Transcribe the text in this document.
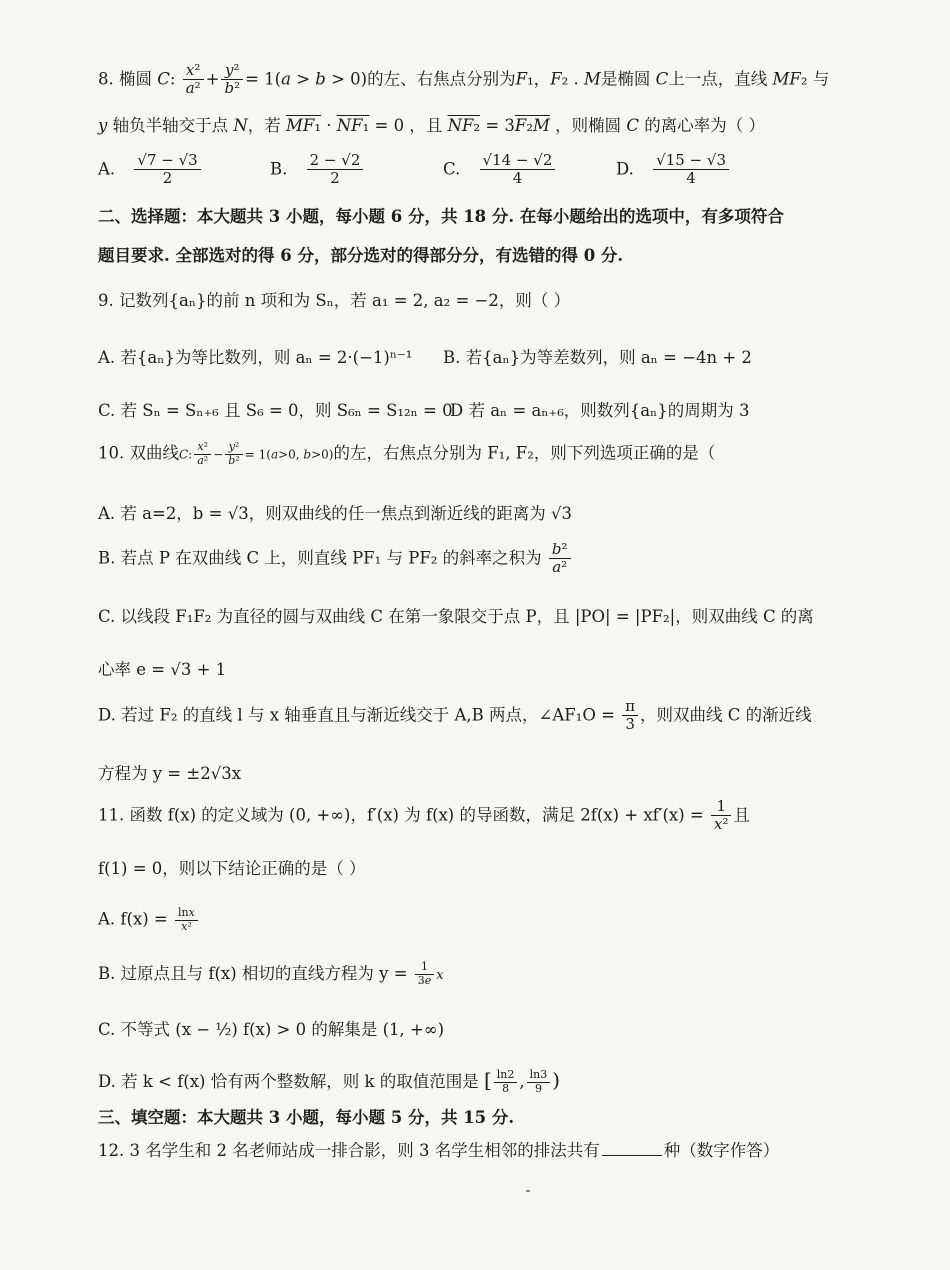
8. 椭圆 C: $\frac{\text{x²}}{\text{a²}} + \frac{\text{y²}}{\text{b²}} = 1(a > b > 0)$的左、右焦点分别为F₁，F₂ . M是椭圆 C上一点，直线 MF₂ 与
y 轴负半轴交于点 N，若 MF₁ · NF₁ = 0 ，且 NF₂ = 3F₂M ，则椭圆 C 的离心率为（ ）
A. $\frac{√7 - √3}{2}$	B. $\frac{2 - √2}{2}$	C. $\frac{√14 - √2}{4}$	D. $\frac{√15 - √3}{4}$
二、选择题：本大题共 3 小题，每小题 6 分，共 18 分. 在每小题给出的选项中，有多项符合
题目要求. 全部选对的得 6 分，部分选对的得部分分，有选错的得 0 分.
9. 记数列{aₙ}的前 n 项和为 Sₙ，若 a₁ = 2, a₂ = −2，则（ ）
A. 若{aₙ}为等比数列，则 aₙ = 2·(−1)ⁿ⁻¹ B. 若{aₙ}为等差数列，则 aₙ = −4n + 2
C. 若 Sₙ = Sₙ₊₆ 且 S₆ = 0，则 S₆ₙ = S₁₂ₙ = 0
D 若 aₙ = aₙ₊₆，则数列{aₙ}的周期为 3
10. 双曲线C: $\frac{\text{x²}}{\text{a²}} - \frac{\text{y²}}{\text{b²}} = 1(a>0$, b>0)的左，右焦点分别为 F₁, F₂，则下列选项正确的是（
A. 若 a=2，b = √3，则双曲线的任一焦点到渐近线的距离为 √3
B. 若点 P 在双曲线 C 上，则直线 PF₁ 与 PF₂ 的斜率之积为 $\frac{\text{b²}}{\text{a²}}$
C. 以线段 F₁F₂ 为直径的圆与双曲线 C 在第一象限交于点 P，且 |PO| = |PF₂|，则双曲线 C 的离
心率 e = √3 + 1
D. 若过 F₂ 的直线 l 与 x 轴垂直且与渐近线交于 A,B 两点，∠AF₁O = $\frac{\pi}{3}$ ，则双曲线 C 的渐近线
方程为 y = ±2√3x
11. 函数 f(x) 的定义域为 (0, +∞)，f′(x) 为 f(x) 的导函数，满足 $2f(x) + xf'(x) = \frac{1}{\text{x²}}$ 且
f(1) = 0，则以下结论正确的是（ ）
A. $f(x) = \frac{\ln x}{\text{x²}}$
B. 过原点且与 f(x) 相切的直线方程为 $y = \frac{1}{3e}$ x
C. 不等式 (x − ½) f(x) > 0 的解集是 (1, +∞)
D. 若 k < f(x) 恰有两个整数解，则 k 的取值范围是 [ $\frac{\ln 2}{8}$ , $\frac{\ln 3}{9}$ )
三、填空题：本大题共 3 小题，每小题 5 分，共 15 分.
12. 3 名学生和 2 名老师站成一排合影，则 3 名学生相邻的排法共有	种（数字作答）
